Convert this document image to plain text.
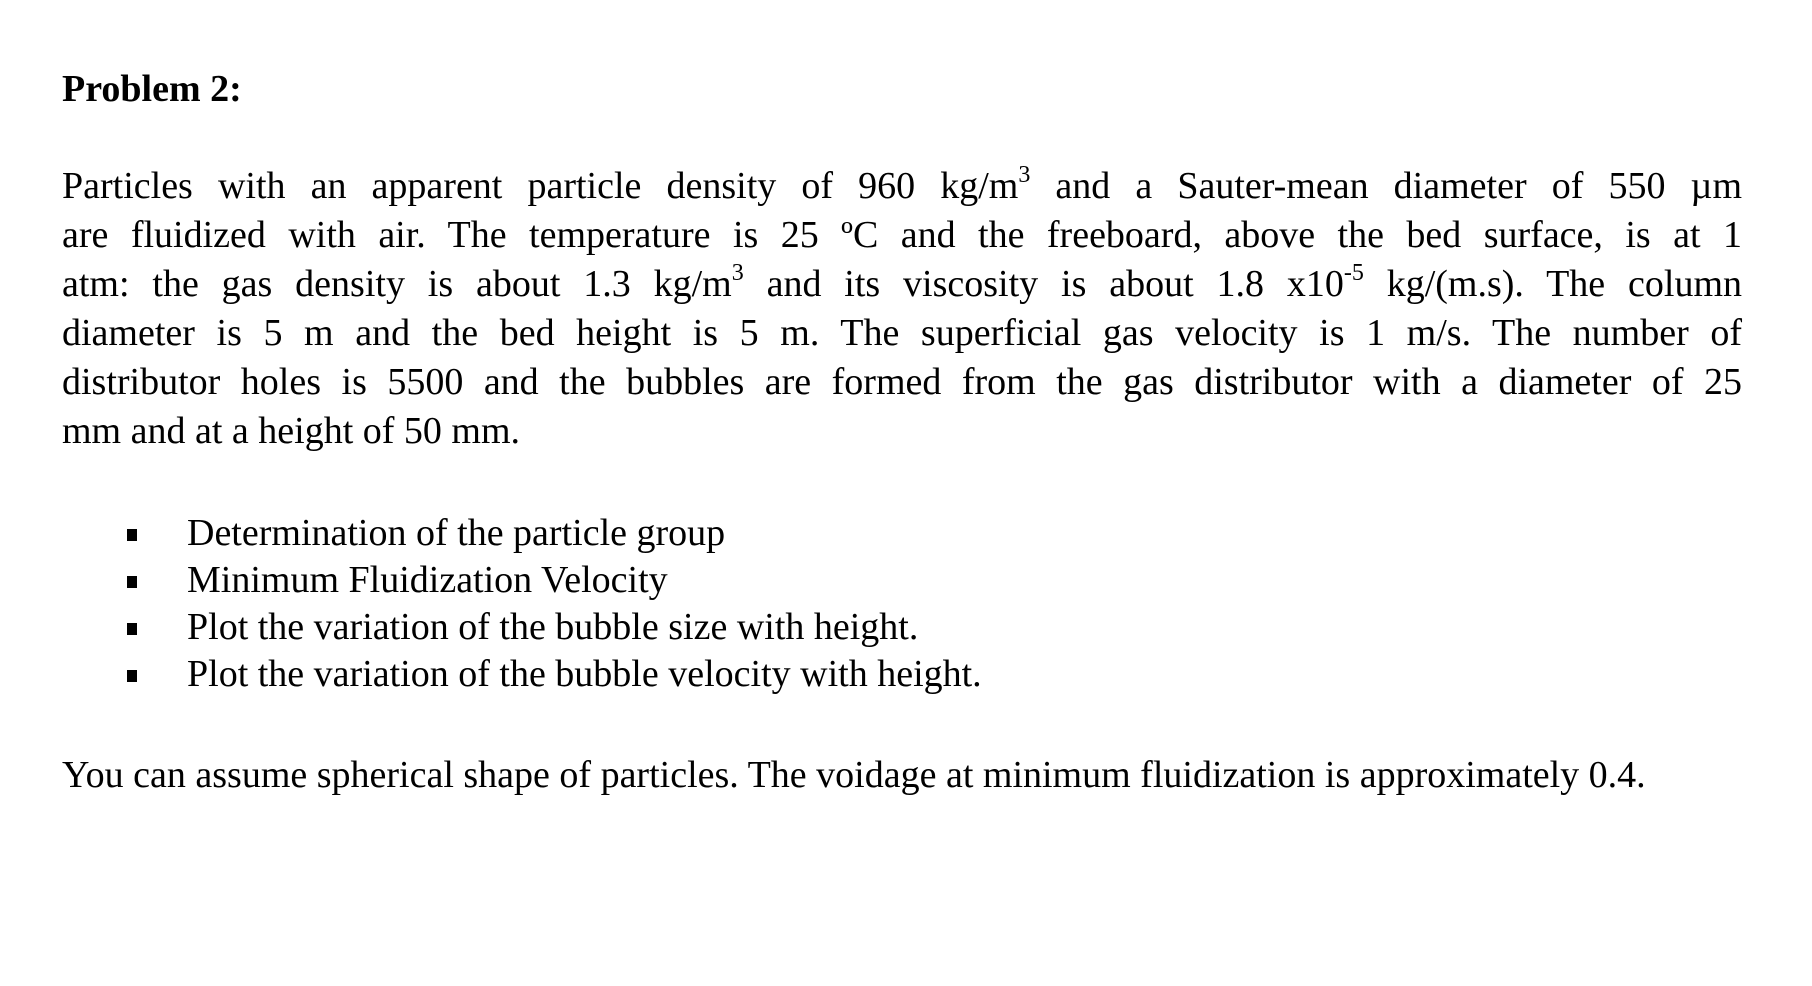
Problem 2:
Particles with an apparent particle density of 960 $kg/m^3$ and a Sauter-mean diameter of 550 µm
are fluidized with air. The temperature is 25 ºC and the freeboard, above the bed surface, is at 1
atm: the gas density is about 1.3 $kg/m^3$ and its viscosity is about 1.8 $x10^{-5}$ kg/(m.s). The column
diameter is 5 m and the bed height is 5 m. The superficial gas velocity is 1 m/s. The number of
distributor holes is 5500 and the bubbles are formed from the gas distributor with a diameter of 25
mm and at a height of 50 mm.
Determination of the particle group
Minimum Fluidization Velocity
Plot the variation of the bubble size with height.
Plot the variation of the bubble velocity with height.
You can assume spherical shape of particles. The voidage at minimum fluidization is approximately 0.4.
